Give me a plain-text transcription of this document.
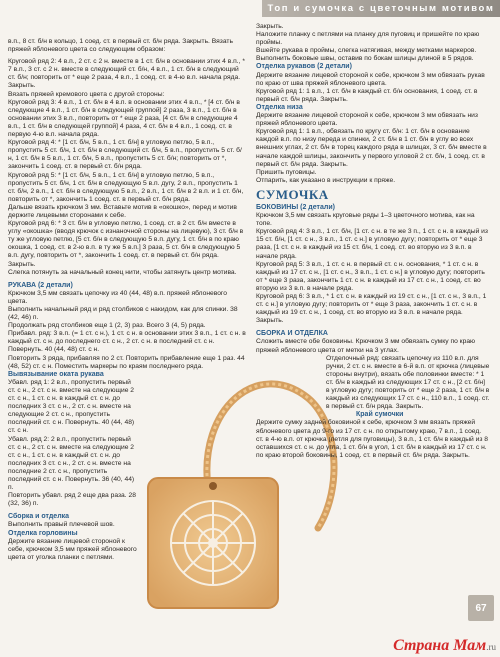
Топ и сумочка с цветочным мотивом

в.п., 8 ст. б/н в кольцо, 1 соед. ст. в первый ст. б/н ряда. Закрыть. Вязать пряжей яблоневого цвета со следующим образом:

Круговой ряд 2: 4 в.п., 2 ст. с 2 н. вместе в 1 ст. б/н в основании этих 4 в.п., * 7 в.п., 3 ст. с 2 н. вместе в следующий ст. б/н, 4 в.п., 1 ст. б/н в следующий ст. б/н; повторить от * еще 2 раза, 4 в.п., 1 соед. ст. в 4-ю в.п. начала ряда. Закрыть.

Вязать пряжей кремового цвета с другой стороны:

Круговой ряд 3: 4 в.п., 1 ст. б/н в 4 в.п. в основании этих 4 в.п., * [4 ст. б/н в следующие 4 в.п., 1 ст. б/н в следующей группой] 2 раза, 3 в.п., 1 ст. б/н в основании этих 3 в.п., повторить от * еще 2 раза, [4 ст. б/н в следующие 4 в.п., 1 ст. б/н в следующей группой] 4 раза, 4 ст. б/н в 4 в.п., 1 соед. ст. в первую 4-ю в.п. начала ряда.

Круговой ряд 4: * [1 ст. б/н, 5 в.п., 1 ст. б/н] в угловую петлю, 5 в.п., пропустить 5 ст. б/н, 1 ст. б/н в следующий ст. б/н, 5 в.п., пропустить 5 ст. б/н, 1 ст. б/н в 5 в.п., 1 ст. б/н, 5 в.п., пропустить 5 ст. б/н; повторить от *, закончить 1 соед. ст. в первый ст. б/н ряда.

Круговой ряд 5: * [1 ст. б/н, 5 в.п., 1 ст. б/н] в угловую петлю, 5 в.п., пропустить 5 ст. б/н, 1 ст. б/н в следующую 5 в.п. дугу, 2 в.п., пропустить 1 ст. б/н, 2 в.п., 1 ст. б/н в следующую 5 в.п., 2 в.п., 1 ст. б/н в 2 в.п. и 1 ст. б/н, повторить от *, закончить 1 соед. ст. в первый ст. б/н ряда.

Дальше вязать крючком 3 мм. Вставьте мотив в «окошко», перед и мотив держите лицевыми сторонами к себе.

Круговой ряд 6: * 3 ст. б/н в угловую петлю, 1 соед. ст. в 2 ст. б/н вместе в углу «окошка» (вводя крючок с изнаночной стороны на лицевую), 3 ст. б/н в ту же угловую петлю, [5 ст. б/н в следующую 5 в.п. дугу, 1 ст. б/н в по краю окошка, 1 соед. ст. в 2-ю в.п. в ту же 5 в.п.] 3 раза, 5 ст. б/н в следующую 5 в.п. дугу, повторить от *, закончить 1 соед. ст. в первый ст. б/н ряда. Закрыть.

Слегка потянуть за начальный конец нити, чтобы затянуть центр мотива.

РУКАВА (2 детали)

Крючком 3,5 мм связать цепочку из 40 (44, 48) в.п. пряжей яблоневого цвета.

Выполнить начальный ряд и ряд столбиков с накидом, как для спинки. 38 (42, 46) п.

Продолжать ряд столбиков еще 1 (2, 3) раз. Всего 3 (4, 5) ряда.

Прибавл. ряд: 3 в.п. (= 1 ст. с н.), 1 ст. с н. в основании этих 3 в.п., 1 ст. с н. в каждый ст. с н. до последнего ст. с н., 2 ст. с н. в последний ст. с н. Повернуть. 40 (44, 48) ст. с н.

Повторить 3 ряда, прибавляя по 2 ст. Повторить прибавление еще 1 раз. 44 (48, 52) ст. с н. Поместить маркеры по краям последнего ряда.

Вывязывание оката рукава

Убавл. ряд 1: 2 в.п., пропустить первый ст. с н., 2 ст. с н. вместе на следующие 2 ст. с н., 1 ст. с н. в каждый ст. с н. до последних 3 ст. с н., 2 ст. с н. вместе на следующие 2 ст. с н., пропустить последний ст. с н. Повернуть. 40 (44, 48) ст. с н.

Убавл. ряд 2: 2 в.п., пропустить первый ст. с н., 2 ст. с н. вместе на следующие 2 ст. с н., 1 ст. с н. в каждый ст. с н. до последних 3 ст. с н., 2 ст. с н. вместе на последние 2 ст. с н., пропустить последний ст. с н. Повернуть. 36 (40, 44) п.

Повторить убавл. ряд 2 еще два раза. 28 (32, 36) п.

Сборка и отделка

Выполнить правый плечевой шов.

Отделка горловины

Держите вязание лицевой стороной к себе, крючком 3,5 мм пряжей яблоневого цвета от уголка планки с петлями.

Закрыть.

Наложите планку с петлями на планку для пуговиц и пришейте по краю проймы.

Вшейте рукава в проймы, слегка натягивая, между метками маркеров.

Выполнить боковые швы, оставив по бокам шлицы длиной в 5 рядов.

Отделка рукавов (2 детали)

Держите вязание лицевой стороной к себе, крючком 3 мм обвязать рукав по краю от шва пряжей яблоневого цвета.

Круговой ряд 1: 1 в.п., 1 ст. б/н в каждый ст. б/н основания, 1 соед. ст. в первый ст. б/н ряда. Закрыть.

Отделка низа

Держите вязание лицевой стороной к себе, крючком 3 мм обвязать низ пряжей яблоневого цвета.

Круговой ряд 1: 1 в.п., обвязать по кругу ст. б/н: 1 ст. б/н в основание каждой в.п. по низу переда и спинки, 2 ст. б/н в 1 ст. б/н в углу во всех внешних углах, 2 ст. б/н в торец каждого ряда в шлицах, 3 ст. б/н вместе в начале каждой шлицы, закончить у первого угловой 2 ст. б/н, 1 соед. ст. в первый ст. б/н ряда. Закрыть.

Пришить пуговицы.

Отпарить, как указано в инструкции к пряже.

СУМОЧКА
БОКОВИНЫ (2 детали)

Крючком 3,5 мм связать круговые ряды 1–3 цветочного мотива, как на топе.

Круговой ряд 4: 3 в.п., 1 ст. б/н, [1 ст. с н. в те же 3 п., 1 ст. с н. в каждый из 15 ст. б/н, [1 ст. с н., 3 в.п., 1 ст. с н.] в угловую дугу; повторить от * еще 3 раза, [1 ст. с н. в каждый из 15 ст. б/н, 1 соед. ст. во вторую из 3 в.п. в начале ряда.

Круговой ряд 5: 3 в.п., 1 ст. с н. в первый ст. с н. основания, * 1 ст. с н. в каждый из 17 ст. с н., [1 ст. с н., 3 в.п., 1 ст. с н.] в угловую дугу; повторить от * еще 3 раза, закончить 1 ст. с н. в каждый из 17 ст. с н., 1 соед. ст. во вторую из 3 в.п. в начале ряда.

Круговой ряд 6: 3 в.п., * 1 ст. с н. в каждый из 19 ст. с н., [1 ст. с н., 3 в.п., 1 ст. с н.] в угловую дугу; повторить от * еще 3 раза, закончить 1 ст. с н. в каждый из 19 ст. с н., 1 соед. ст. во вторую из 3 в.п. в начале ряда. Закрыть.

СБОРКА И ОТДЕЛКА

Сложить вместе обе боковины. Крючком 3 мм обвязать сумку по краю пряжей яблоневого цвета от метки на 3 углах.

Отделочный ряд: связать цепочку из 110 в.п. для ручки, 2 ст. с н. вместе в 6-й в.п. от крючка (лицевые стороны внутри), вязать обе половинки вместе: * 1 ст. б/н в каждый из следующих 17 ст. с н., [2 ст. б/н] в угловую дугу; повторить от * еще 2 раза, 1 ст. б/н в каждый из следующих 17 ст. с н., 110 в.п., 1 соед. ст. в первый ст. б/н ряда. Закрыть.

Край сумочки

Держите сумку задней боковиной к себе, крючком 3 мм вязать пряжей яблоневого цвета до 9-го из 17 ст. с н. по открытому краю, 7 в.п., 1 соед. ст. в 4-ю в.п. от крючка (петля для пуговицы), 3 в.п., 1 ст. б/н в каждый из 8 оставшихся ст. с н. до угла, 1 ст. б/н в угол, 1 ст. б/н в каждый из 17 ст. с н. по краю второй боковины, 1 соед. ст. в первый ст. б/н ряда. Закрыть.

67
Страна Мам.ru
